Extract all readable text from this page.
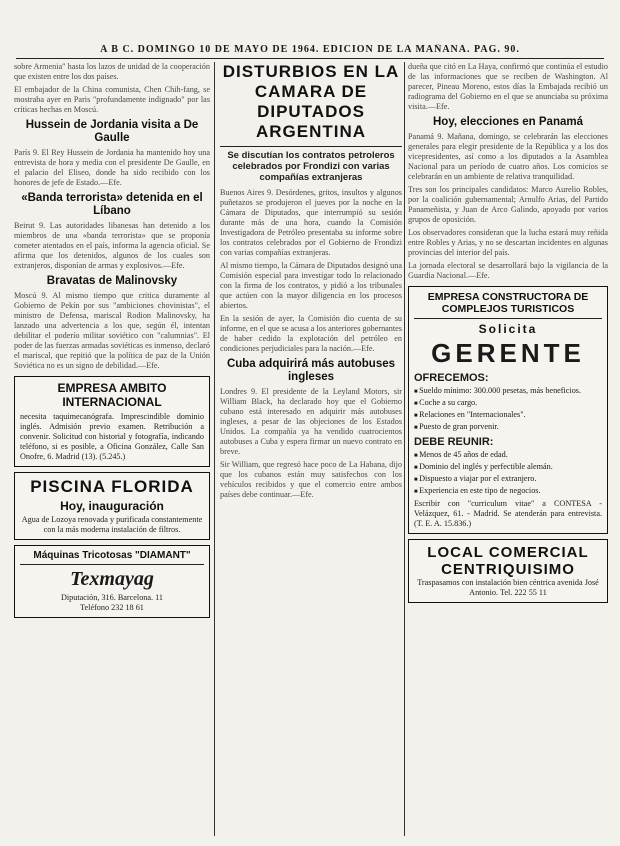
A B C. DOMINGO 10 DE MAYO DE 1964. EDICION DE LA MAÑANA. PAG. 90.

sobre Armenia" hasta los lazos de unidad de la cooperación que existen entre los dos países.

El embajador de la China comunista, Chen Chih-fang, se mostraba ayer en Paris "profundamente indignado" por las críticas hechas en Moscú.

Hussein de Jordania visita a De Gaulle

París 9. El Rey Hussein de Jordania ha mantenido hoy una entrevista de hora y media con el presidente De Gaulle, en el palacio del Eliseo, donde ha sido recibido con los honores de jefe de Estado.—Efe.

«Banda terrorista» detenida en el Líbano

Beirut 9. Las autoridades libanesas han detenido a los miembros de una «banda terrorista» que se proponía cometer atentados en el país, informa la agencia oficial. Se afirma que los detenidos, algunos de los cuales son extranjeros, disponían de armas y explosivos.—Efe.

Bravatas de Malinovsky

Moscú 9. Al mismo tiempo que critica duramente al Gobierno de Pekín por sus "ambiciones chovinistas", el ministro de Defensa, mariscal Rodion Malinovsky, ha lanzado una advertencia a los que, según él, intentan debilitar el poderío militar soviético con "calumnias". El poder de las fuerzas armadas soviéticas es inmenso, declaró el mariscal, que repitió que la política de paz de la Unión Soviética no es un signo de debilidad.—Efe.

EMPRESA AMBITO INTERNACIONAL

necesita taquimecanógrafa. Imprescindible dominio inglés. Admisión previo examen. Retribución a convenir. Solicitud con historial y fotografía, indicando teléfono, si es posible, a Oficina González, Calle San Onofre, 6. Madrid (13). (5.245.)

PISCINA FLORIDA
Hoy, inauguración

Agua de Lozoya renovada y purificada constantemente con la más moderna instalación de filtros.

Máquinas Tricotosas "DIAMANT"
Texmayag

Diputación, 316. Barcelona. 11

Teléfono 232 18 61

DISTURBIOS EN LA CAMARA DE DIPUTADOS ARGENTINA
Se discutían los contratos petroleros celebrados por Frondizi con varias compañías extranjeras

Buenos Aires 9. Desórdenes, gritos, insultos y algunos puñetazos se produjeron el jueves por la noche en la Cámara de Diputados, que interrumpió su sesión durante más de una hora, cuando la Comisión Investigadora de Petróleo presentaba su informe sobre los contratos celebrados por el Gobierno de Frondizi con varias compañías extranjeras.

Al mismo tiempo, la Cámara de Diputados designó una Comisión especial para investigar todo lo relacionado con la firma de los contratos, y pidió a los tribunales que actúen con la mayor diligencia en los procesos abiertos.

En la sesión de ayer, la Comisión dio cuenta de su informe, en el que se acusa a los anteriores gobernantes de haber cedido la explotación del petróleo en condiciones perjudiciales para la nación.—Efe.

Cuba adquirirá más autobuses ingleses

Londres 9. El presidente de la Leyland Motors, sir William Black, ha declarado hoy que el Gobierno cubano está interesado en adquirir más autobuses ingleses, a pesar de las objeciones de los Estados Unidos. La compañía ya ha vendido cuatrocientos autobuses a Cuba y espera firmar un nuevo contrato en breve.

Sir William, que regresó hace poco de La Habana, dijo que los cubanos están muy satisfechos con los vehículos recibidos y que el comercio entre ambos países debe continuar.—Efe.

dueña que citó en La Haya, confirmó que continúa el estudio de las informaciones que se reciben de Washington. Al parecer, Pineau Moreno, estos días la Embajada recibió un radiograma del Gobierno en el que se anunciaba su próxima visita.—Efe.

Hoy, elecciones en Panamá

Panamá 9. Mañana, domingo, se celebrarán las elecciones generales para elegir presidente de la República y a los dos vicepresidentes, así como a los diputados a la Asamblea Nacional para un período de cuatro años. Los comicios se celebrarán en un ambiente de relativa tranquilidad.

Tres son los principales candidatos: Marco Aurelio Robles, por la coalición gubernamental; Arnulfo Arias, del Partido Panameñista, y Juan de Arco Galindo, apoyado por varios grupos de oposición.

Los observadores consideran que la lucha estará muy reñida entre Robles y Arias, y no se descartan incidentes en algunas provincias del interior del país.

La jornada electoral se desarrollará bajo la vigilancia de la Guardia Nacional.—Efe.

EMPRESA CONSTRUCTORA DE
COMPLEJOS TURISTICOS
Solicita
GERENTE
OFRECEMOS:
■ Sueldo mínimo: 300.000 pesetas, más beneficios.
■ Coche a su cargo.
■ Relaciones en "Internacionales".
■ Puesto de gran porvenir.
DEBE REUNIR:
■ Menos de 45 años de edad.
■ Dominio del inglés y perfectible alemán.
■ Dispuesto a viajar por el extranjero.
■ Experiencia en este tipo de negocios.

Escribir con "curriculum vitae" a CONTESA - Velázquez, 61. - Madrid. Se atenderán para entrevista. (T. E. A. 15.836.)

LOCAL COMERCIAL
CENTRIQUISIMO

Traspasamos con instalación bien céntrica avenida José Antonio. Tel. 222 55 11
